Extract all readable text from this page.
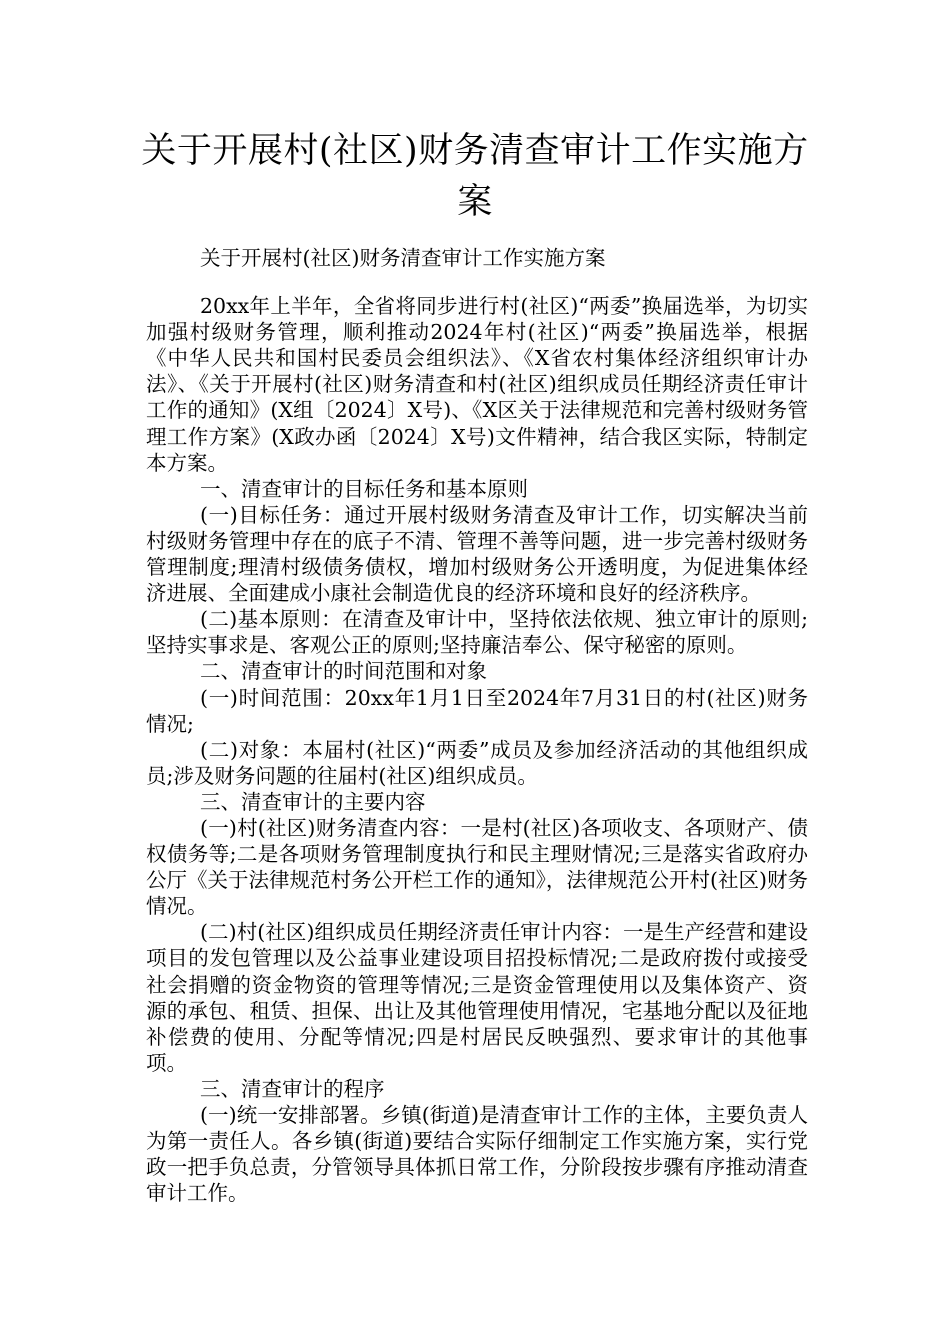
关于开展村(社区)财务清查审计工作实施方案

关于开展村(社区)财务清查审计工作实施方案

20xx年上半年，全省将同步进行村(社区)“两委”换届选举，为切实加强村级财务管理，顺利推动2024年村(社区)“两委”换届选举，根据《中华人民共和国村民委员会组织法》、《X省农村集体经济组织审计办法》、《关于开展村(社区)财务清查和村(社区)组织成员任期经济责任审计工作的通知》(X组〔2024〕X号)、《X区关于法律规范和完善村级财务管理工作方案》(X政办函〔2024〕X号)文件精神，结合我区实际，特制定本方案。

一、清查审计的目标任务和基本原则

(一)目标任务：通过开展村级财务清查及审计工作，切实解决当前村级财务管理中存在的底子不清、管理不善等问题，进一步完善村级财务管理制度;理清村级债务债权，增加村级财务公开透明度，为促进集体经济进展、全面建成小康社会制造优良的经济环境和良好的经济秩序。

(二)基本原则：在清查及审计中，坚持依法依规、独立审计的原则;坚持实事求是、客观公正的原则;坚持廉洁奉公、保守秘密的原则。

二、清查审计的时间范围和对象

(一)时间范围：20xx年1月1日至2024年7月31日的村(社区)财务情况;

(二)对象：本届村(社区)“两委”成员及参加经济活动的其他组织成员;涉及财务问题的往届村(社区)组织成员。

三、清查审计的主要内容

(一)村(社区)财务清查内容：一是村(社区)各项收支、各项财产、债权债务等;二是各项财务管理制度执行和民主理财情况;三是落实省政府办公厅《关于法律规范村务公开栏工作的通知》，法律规范公开村(社区)财务情况。

(二)村(社区)组织成员任期经济责任审计内容：一是生产经营和建设项目的发包管理以及公益事业建设项目招投标情况;二是政府拨付或接受社会捐赠的资金物资的管理等情况;三是资金管理使用以及集体资产、资源的承包、租赁、担保、出让及其他管理使用情况，宅基地分配以及征地补偿费的使用、分配等情况;四是村居民反映强烈、要求审计的其他事项。

三、清查审计的程序

(一)统一安排部署。乡镇(街道)是清查审计工作的主体，主要负责人为第一责任人。各乡镇(街道)要结合实际仔细制定工作实施方案，实行党政一把手负总责，分管领导具体抓日常工作，分阶段按步骤有序推动清查审计工作。
